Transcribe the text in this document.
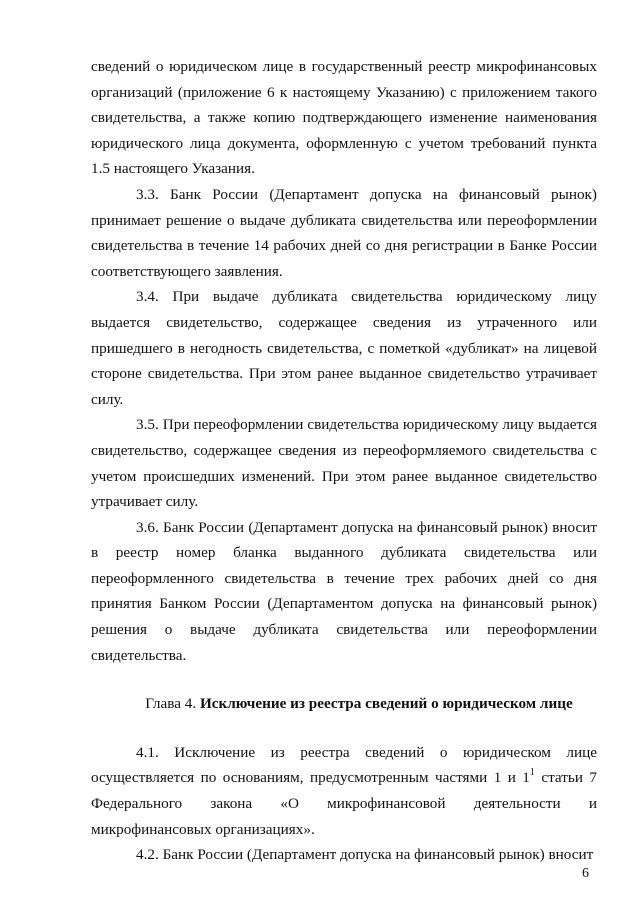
сведений о юридическом лице в государственный реестр микрофинансовых организаций (приложение 6 к настоящему Указанию) с приложением такого свидетельства, а также копию подтверждающего изменение наименования юридического лица документа, оформленную с учетом требований пункта 1.5 настоящего Указания.

3.3. Банк России (Департамент допуска на финансовый рынок) принимает решение о выдаче дубликата свидетельства или переоформлении свидетельства в течение 14 рабочих дней со дня регистрации в Банке России соответствующего заявления.

3.4. При выдаче дубликата свидетельства юридическому лицу выдается свидетельство, содержащее сведения из утраченного или пришедшего в негодность свидетельства, с пометкой «дубликат» на лицевой стороне свидетельства. При этом ранее выданное свидетельство утрачивает силу.

3.5. При переоформлении свидетельства юридическому лицу выдается свидетельство, содержащее сведения из переоформляемого свидетельства с учетом происшедших изменений. При этом ранее выданное свидетельство утрачивает силу.

3.6. Банк России (Департамент допуска на финансовый рынок) вносит в реестр номер бланка выданного дубликата свидетельства или переоформленного свидетельства в течение трех рабочих дней со дня принятия Банком России (Департаментом допуска на финансовый рынок) решения о выдаче дубликата свидетельства или переоформлении свидетельства.

Глава 4. Исключение из реестра сведений о юридическом лице

4.1. Исключение из реестра сведений о юридическом лице осуществляется по основаниям, предусмотренным частями 1 и $1^1$ статьи 7 Федерального закона «О микрофинансовой деятельности и микрофинансовых организациях».

4.2. Банк России (Департамент допуска на финансовый рынок) вносит

6
